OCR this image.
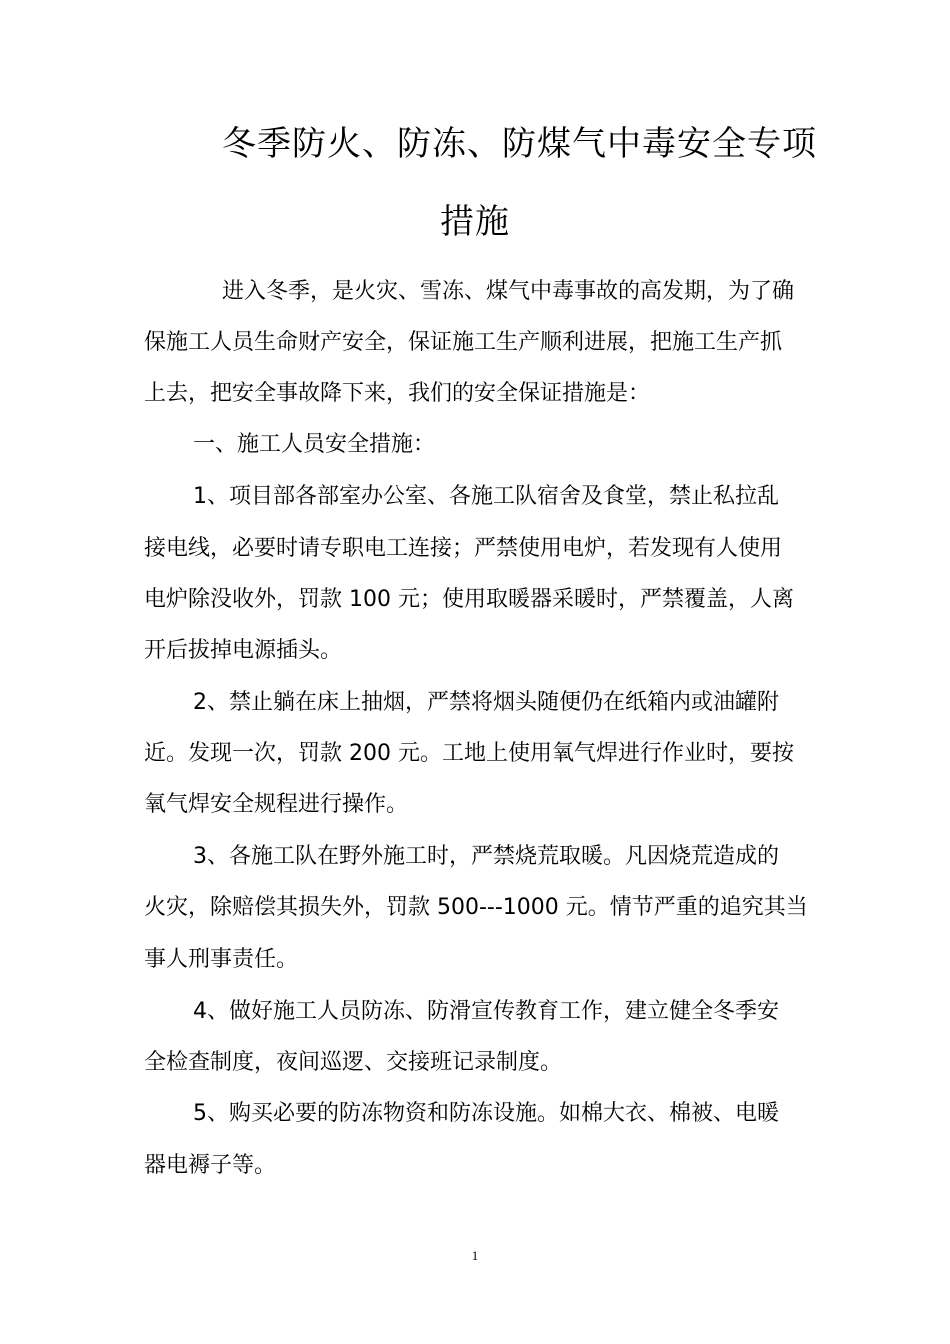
冬季防火、防冻、防煤气中毒安全专项
措施
进入冬季，是火灾、雪冻、煤气中毒事故的高发期，为了确
保施工人员生命财产安全，保证施工生产顺利进展，把施工生产抓
上去，把安全事故降下来，我们的安全保证措施是：
一、施工人员安全措施：
1、项目部各部室办公室、各施工队宿舍及食堂，禁止私拉乱
接电线，必要时请专职电工连接；严禁使用电炉，若发现有人使用
电炉除没收外，罚款 100 元；使用取暖器采暖时，严禁覆盖，人离
开后拔掉电源插头。
2、禁止躺在床上抽烟，严禁将烟头随便仍在纸箱内或油罐附
近。发现一次，罚款 200 元。工地上使用氧气焊进行作业时，要按
氧气焊安全规程进行操作。
3、各施工队在野外施工时，严禁烧荒取暖。凡因烧荒造成的
火灾，除赔偿其损失外，罚款 500---1000 元。情节严重的追究其当
事人刑事责任。
4、做好施工人员防冻、防滑宣传教育工作，建立健全冬季安
全检查制度，夜间巡逻、交接班记录制度。
5、购买必要的防冻物资和防冻设施。如棉大衣、棉被、电暖
器电褥子等。
1
